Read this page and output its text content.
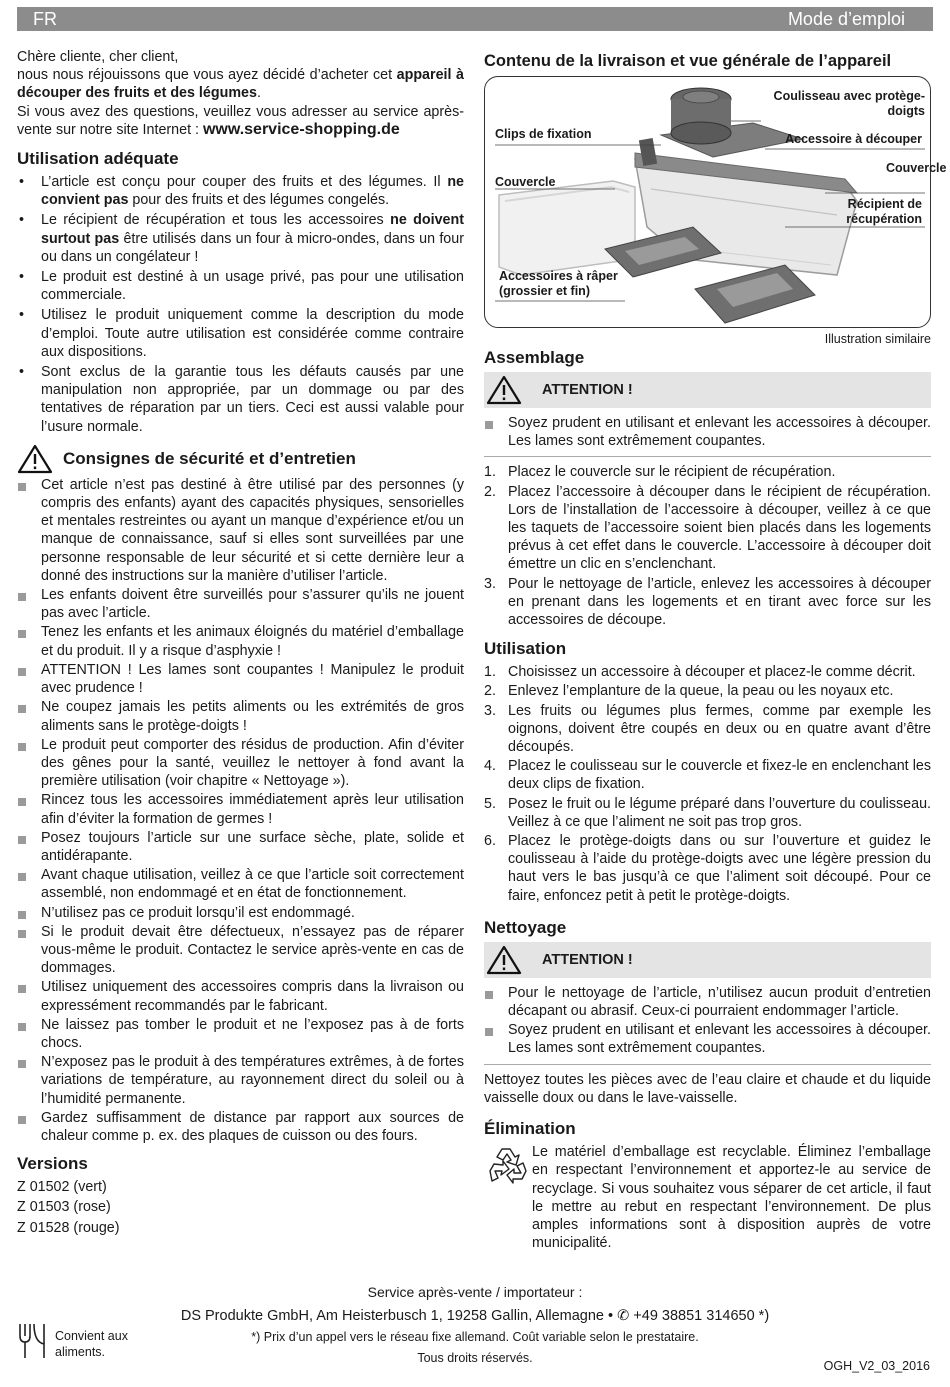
FR	Mode d’emploi

Chère cliente, cher client,

nous nous réjouissons que vous ayez décidé d’acheter cet appareil à découper des fruits et des légumes.

Si vous avez des questions, veuillez vous adresser au service après-vente sur notre site Internet : www.service-shopping.de

Utilisation adéquate
• L’article est conçu pour couper des fruits et des légumes. Il ne convient pas pour des fruits et des légumes congelés.
• Le récipient de récupération et tous les accessoires ne doivent surtout pas être utilisés dans un four à micro-ondes, dans un four ou dans un congélateur !
• Le produit est destiné à un usage privé, pas pour une utilisation commerciale.
• Utilisez le produit uniquement comme la description du mode d’emploi. Toute autre utilisation est considérée comme contraire aux dispositions.
• Sont exclus de la garantie tous les défauts causés par une manipulation non appropriée, par un dommage ou par des tentatives de réparation par un tiers. Ceci est aussi valable pour l’usure normale.
Consignes de sécurité et d’entretien
Cet article n’est pas destiné à être utilisé par des personnes (y compris des enfants) ayant des capacités physiques, sensorielles et mentales restreintes ou ayant un manque d’expérience et/ou un manque de connaissance, sauf si elles sont surveillées par une personne responsable de leur sécurité et si cette dernière leur a donné des instructions sur la manière d’utiliser l’article.
Les enfants doivent être surveillés pour s’assurer qu’ils ne jouent pas avec l’article.
Tenez les enfants et les animaux éloignés du matériel d’emballage et du produit. Il y a risque d’asphyxie !
ATTENTION ! Les lames sont coupantes ! Manipulez le produit avec prudence !
Ne coupez jamais les petits aliments ou les extrémités de gros aliments sans le protège-doigts !
Le produit peut comporter des résidus de production. Afin d’éviter des gênes pour la santé, veuillez le nettoyer à fond avant la première utilisation (voir chapitre « Nettoyage »).
Rincez tous les accessoires immédiatement après leur utilisation afin d’éviter la formation de germes !
Posez toujours l’article sur une surface sèche, plate, solide et antidérapante.
Avant chaque utilisation, veillez à ce que l’article soit correctement assemblé, non endommagé et en état de fonctionnement.
N’utilisez pas ce produit lorsqu’il est endommagé.
Si le produit devait être défectueux, n’essayez pas de réparer vous-même le produit. Contactez le service après-vente en cas de dommages.
Utilisez uniquement des accessoires compris dans la livraison ou expressément recommandés par le fabricant.
Ne laissez pas tomber le produit et ne l’exposez pas à de forts chocs.
N’exposez pas le produit à des températures extrêmes, à de fortes variations de température, au rayonnement direct du soleil ou à l’humidité permanente.
Gardez suffisamment de distance par rapport aux sources de chaleur comme p. ex. des plaques de cuisson ou des fours.
Versions
Z 01502 (vert)
Z 01503 (rose)
Z 01528 (rouge)
Contenu de la livraison et vue générale de l’appareil
Coulisseau avec protège-doigts
Clips de fixation	Accessoire à découper
Couvercle
Couvercle
Récipient de récupération
Accessoires à râper (grossier et fin)
Illustration similaire
Assemblage
ATTENTION !
Soyez prudent en utilisant et enlevant les accessoires à découper. Les lames sont extrêmement coupantes.
1. Placez le couvercle sur le récipient de récupération.
2. Placez l’accessoire à découper dans le récipient de récupération. Lors de l’installation de l’accessoire à découper, veillez à ce que les taquets de l’accessoire soient bien placés dans les logements prévus à cet effet dans le couvercle. L’accessoire à découper doit émettre un clic en s’enclenchant.
3. Pour le nettoyage de l’article, enlevez les accessoires à découper en prenant dans les logements et en tirant avec force sur les accessoires de découpe.
Utilisation
1. Choisissez un accessoire à découper et placez-le comme décrit.
2. Enlevez l’emplanture de la queue, la peau ou les noyaux etc.
3. Les fruits ou légumes plus fermes, comme par exemple les oignons, doivent être coupés en deux ou en quatre avant d’être découpés.
4. Placez le coulisseau sur le couvercle et fixez-le en enclenchant les deux clips de fixation.
5. Posez le fruit ou le légume préparé dans l’ouverture du coulisseau. Veillez à ce que l’aliment ne soit pas trop gros.
6. Placez le protège-doigts dans ou sur l’ouverture et guidez le coulisseau à l’aide du protège-doigts avec une légère pression du haut vers le bas jusqu’à ce que l’aliment soit découpé. Pour ce faire, enfoncez petit à petit le protège-doigts.
Nettoyage
ATTENTION !
Pour le nettoyage de l’article, n’utilisez aucun produit d’entretien décapant ou abrasif. Ceux-ci pourraient endommager l’article.
Soyez prudent en utilisant et enlevant les accessoires à découper. Les lames sont extrêmement coupantes.

Nettoyez toutes les pièces avec de l’eau claire et chaude et du liquide vaisselle doux ou dans le lave-vaisselle.

Élimination

Le matériel d’emballage est recyclable. Éliminez l’emballage en respectant l’environnement et apportez-le au service de recyclage. Si vous souhaitez vous séparer de cet article, il faut le mettre au rebut en respectant l’environnement. De plus amples informations sont à disposition auprès de votre municipalité.

Service après-vente / importateur :
DS Produkte GmbH, Am Heisterbusch 1, 19258 Gallin, Allemagne • ✆ +49 38851 314650 *)
*) Prix d’un appel vers le réseau fixe allemand. Coût variable selon le prestataire.
Tous droits réservés.
Convient aux aliments.
OGH_V2_03_2016
